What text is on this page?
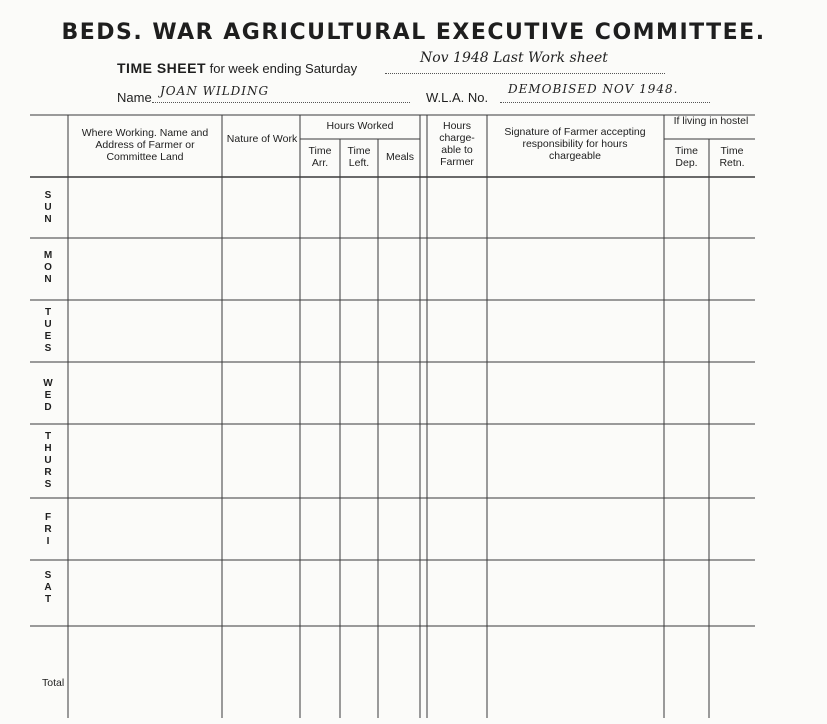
BEDS. WAR AGRICULTURAL EXECUTIVE COMMITTEE.
TIME SHEET for week ending Saturday
Nov 1948 Last Work sheet
Name JOAN WILDING	W.L.A. No.
DEMOBISED NOV 1948.
Where Working. Name and Address of Farmer or Committee Land
Nature of Work
Hours Worked
Time Arr.
Time Left.	Meals
Hours charge- able to Farmer
Signature of Farmer accepting responsibility for hours chargeable
If living in hostel
Time Dep.
Time Retn.
S
U
N
M
O
N
T
U
E
S
W
E
D
T
H
U
R
S
F
R
I
S
A
T
Total
